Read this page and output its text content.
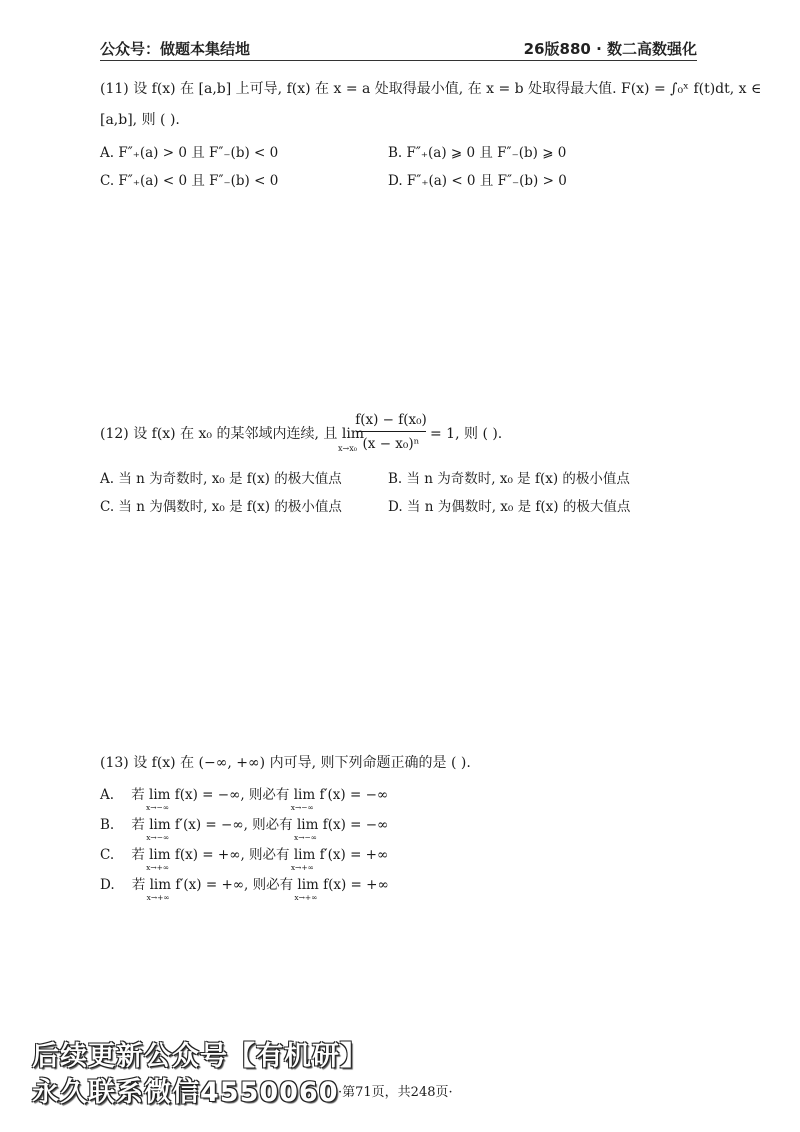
公众号：做题本集结地	26版880 · 数二高数强化
(11) 设 f(x) 在 [a,b] 上可导, f(x) 在 x = a 处取得最小值, 在 x = b 处取得最大值. F(x) = ∫₀ˣ f(t)dt, x ∈
[a,b], 则 ( ).
A. F″₊(a) > 0 且 F″₋(b) < 0	B. F″₊(a) ⩾ 0 且 F″₋(b) ⩾ 0
C. F″₊(a) < 0 且 F″₋(b) < 0	D. F″₊(a) < 0 且 F″₋(b) > 0
(12) 设 f(x) 在 x₀ 的某邻域内连续, 且 lim
x→x₀
f(x) − f(x₀)
(x − x₀)ⁿ
= 1, 则 ( ).
A. 当 n 为奇数时, x₀ 是 f(x) 的极大值点	B. 当 n 为奇数时, x₀ 是 f(x) 的极小值点
C. 当 n 为偶数时, x₀ 是 f(x) 的极小值点	D. 当 n 为偶数时, x₀ 是 f(x) 的极大值点
(13) 设 f(x) 在 (−∞, +∞) 内可导, 则下列命题正确的是 ( ).
A. 若 lim
x→−∞
f(x) = −∞, 则必有 lim
x→−∞
f′(x) = −∞
B. 若 lim
x→−∞
f′(x) = −∞, 则必有 lim
x→−∞
f(x) = −∞
C. 若 lim
x→+∞
f(x) = +∞, 则必有 lim
x→+∞
f′(x) = +∞
D. 若 lim
x→+∞
f′(x) = +∞, 则必有 lim
x→+∞
f(x) = +∞
·第71页，共248页·
后续更新公众号【有机研】
永久联系微信4550060
